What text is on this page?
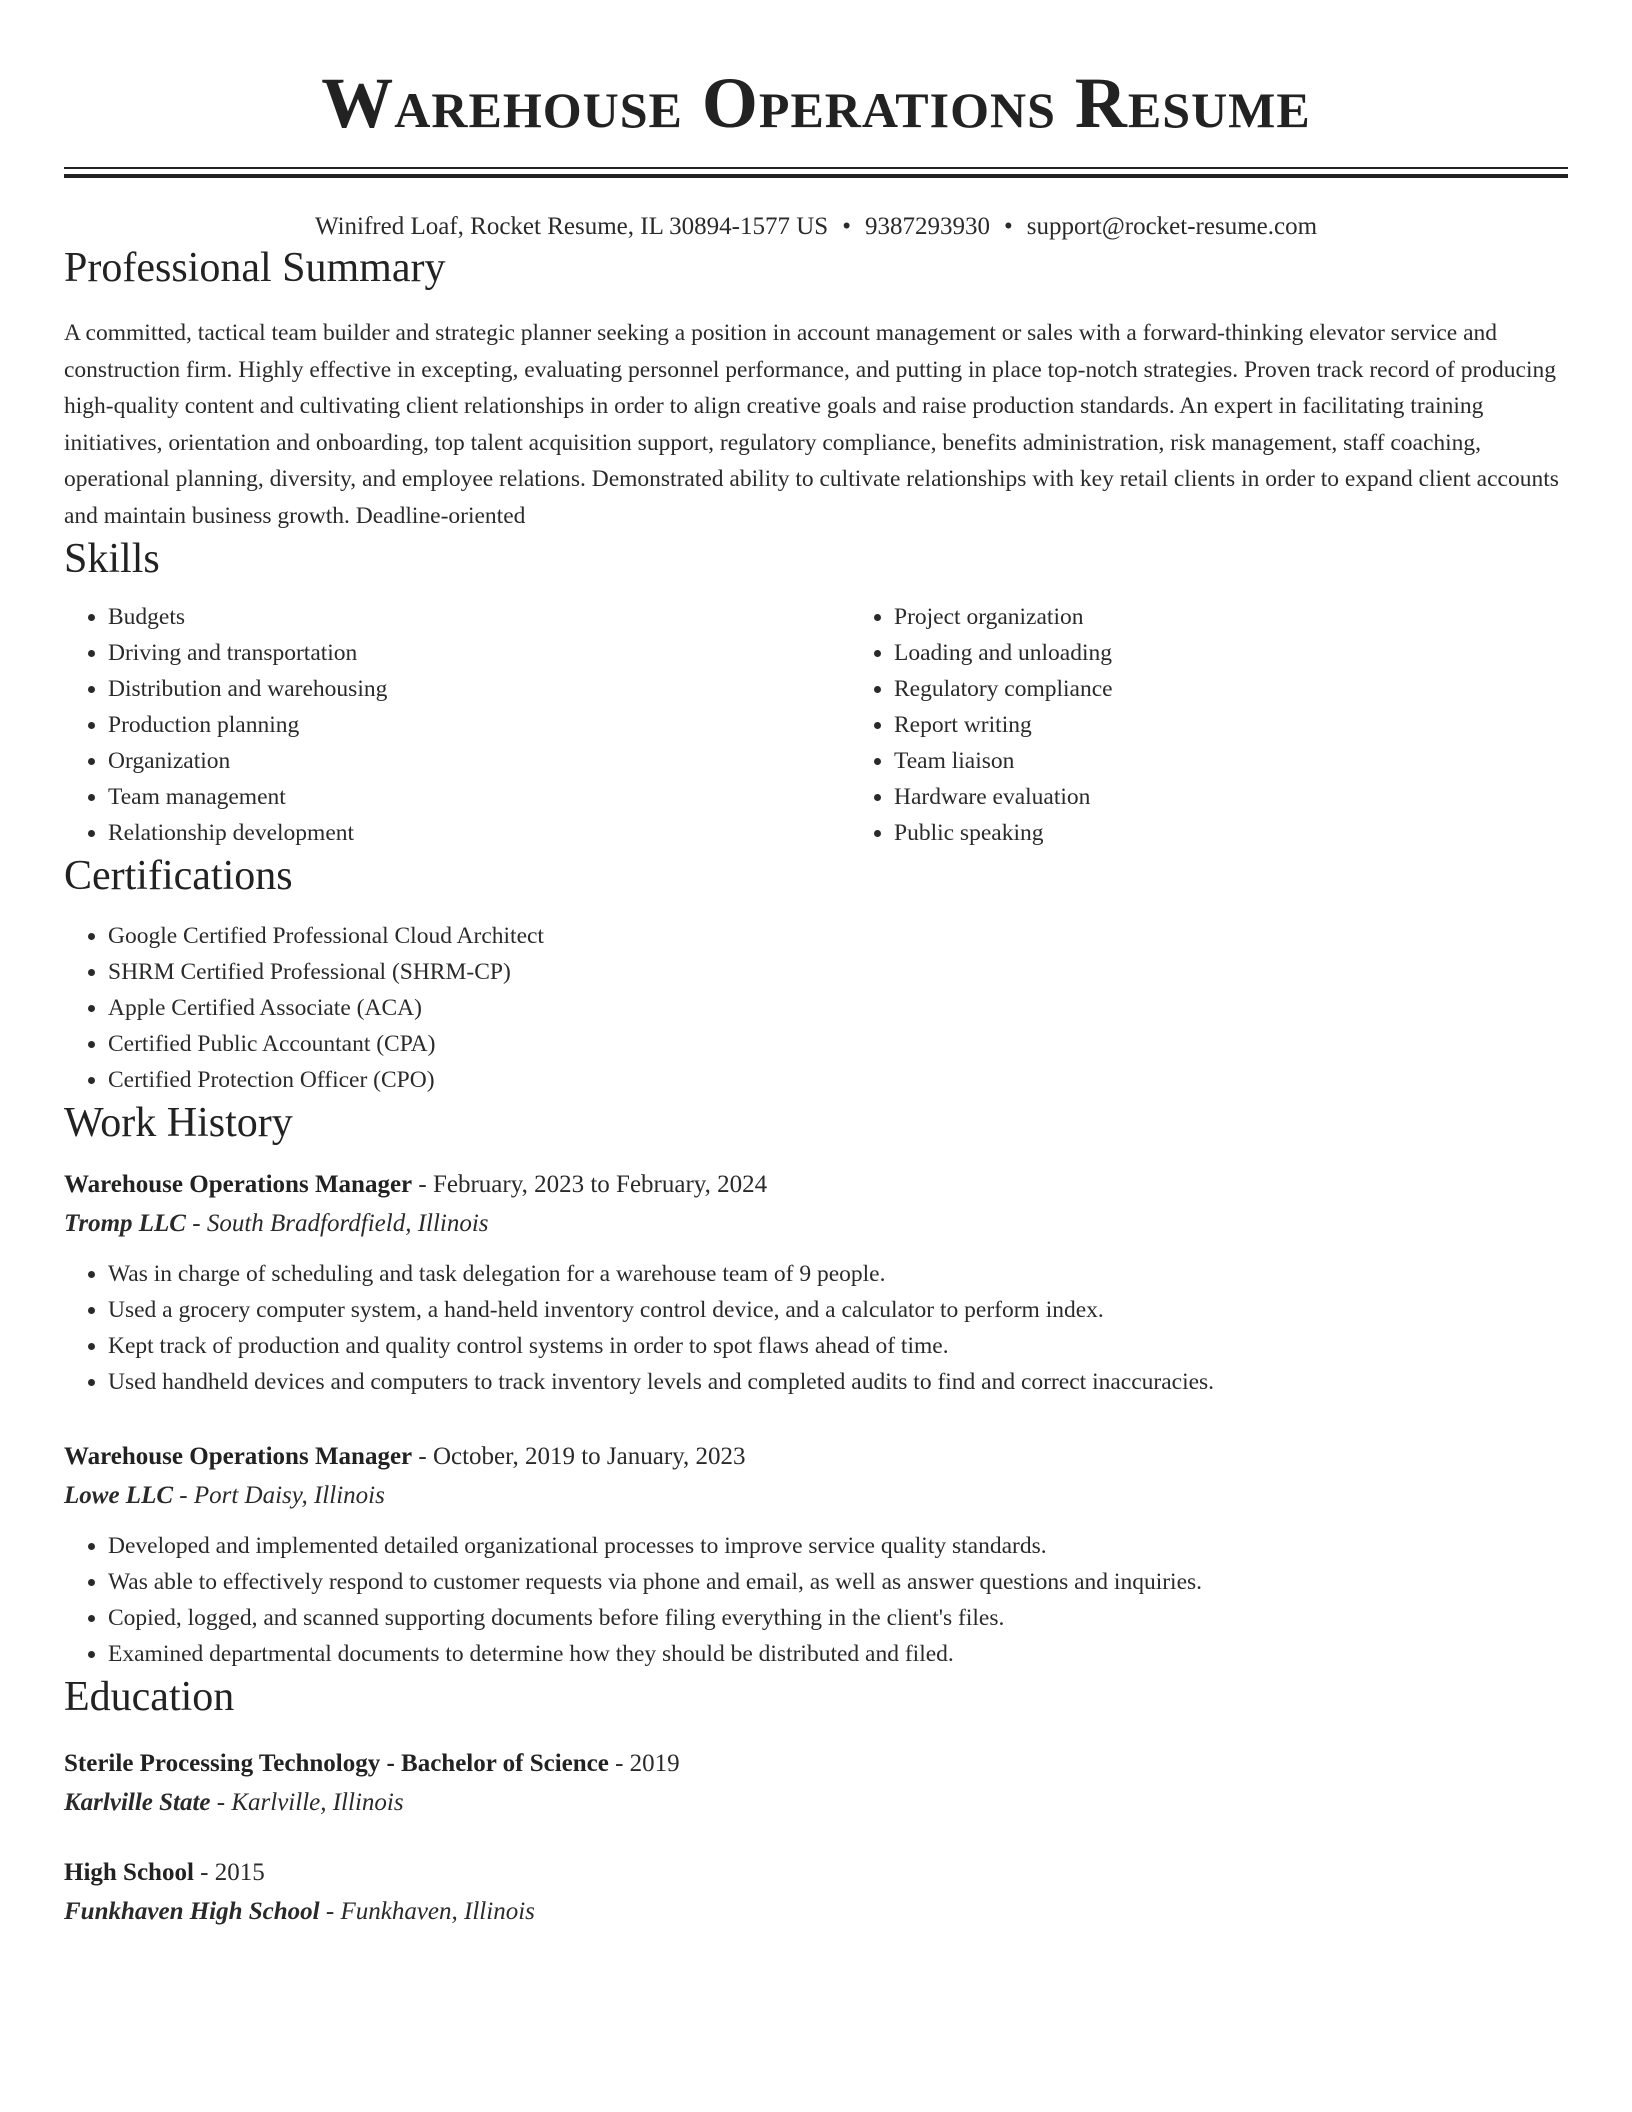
Warehouse Operations Resume
Winifred Loaf, Rocket Resume, IL 30894-1577 US • 9387293930 • support@rocket-resume.com
Professional Summary

A committed, tactical team builder and strategic planner seeking a position in account management or sales with a forward-thinking elevator service and construction firm. Highly effective in excepting, evaluating personnel performance, and putting in place top-notch strategies. Proven track record of producing high-quality content and cultivating client relationships in order to align creative goals and raise production standards. An expert in facilitating training initiatives, orientation and onboarding, top talent acquisition support, regulatory compliance, benefits administration, risk management, staff coaching, operational planning, diversity, and employee relations. Demonstrated ability to cultivate relationships with key retail clients in order to expand client accounts and maintain business growth. Deadline-oriented

Skills
• Budgets
• Driving and transportation
• Distribution and warehousing
• Production planning
• Organization
• Team management
• Relationship development
• Project organization
• Loading and unloading
• Regulatory compliance
• Report writing
• Team liaison
• Hardware evaluation
• Public speaking
Certifications
• Google Certified Professional Cloud Architect
• SHRM Certified Professional (SHRM-CP)
• Apple Certified Associate (ACA)
• Certified Public Accountant (CPA)
• Certified Protection Officer (CPO)
Work History
Warehouse Operations Manager - February, 2023 to February, 2024
Tromp LLC - South Bradfordfield, Illinois
• Was in charge of scheduling and task delegation for a warehouse team of 9 people.
• Used a grocery computer system, a hand-held inventory control device, and a calculator to perform index.
• Kept track of production and quality control systems in order to spot flaws ahead of time.
• Used handheld devices and computers to track inventory levels and completed audits to find and correct inaccuracies.
Warehouse Operations Manager - October, 2019 to January, 2023
Lowe LLC - Port Daisy, Illinois
• Developed and implemented detailed organizational processes to improve service quality standards.
• Was able to effectively respond to customer requests via phone and email, as well as answer questions and inquiries.
• Copied, logged, and scanned supporting documents before filing everything in the client's files.
• Examined departmental documents to determine how they should be distributed and filed.
Education
Sterile Processing Technology - Bachelor of Science - 2019
Karlville State - Karlville, Illinois
High School - 2015
Funkhaven High School - Funkhaven, Illinois
